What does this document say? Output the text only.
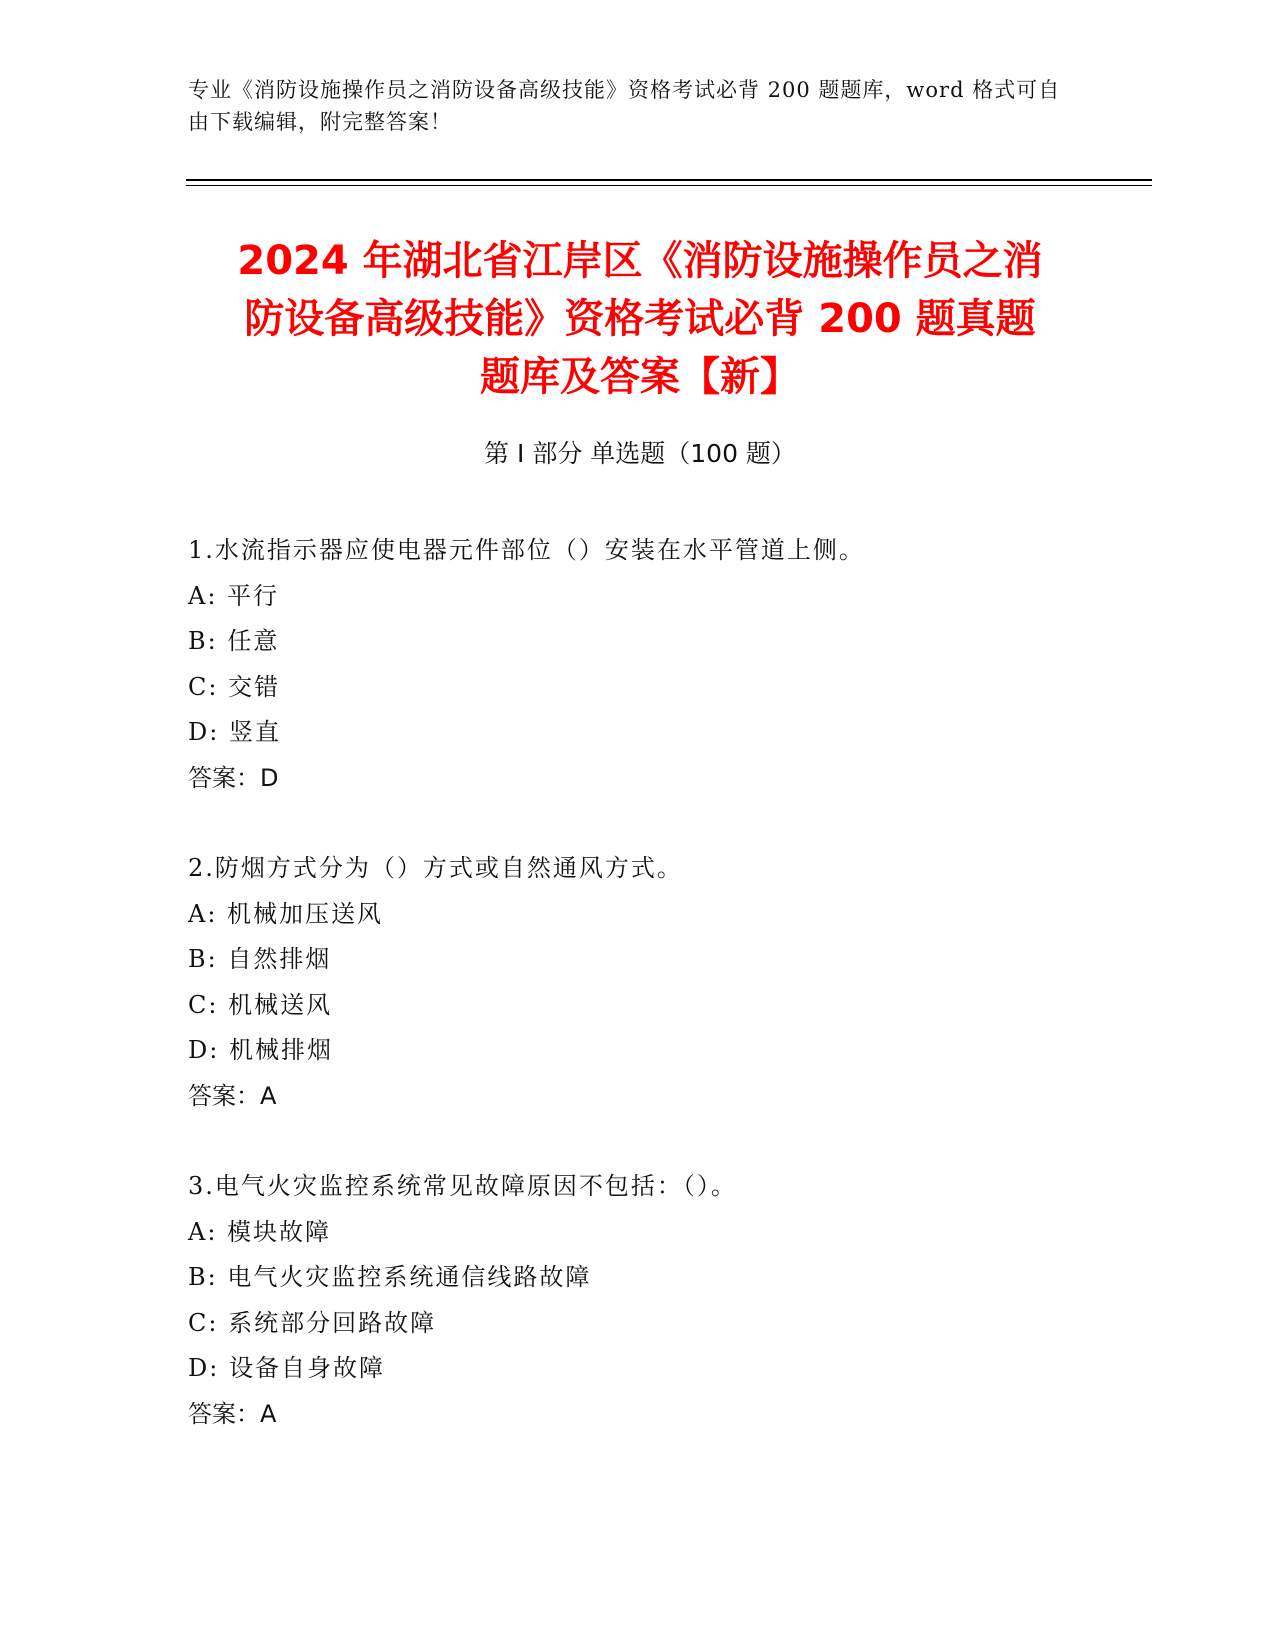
专业《消防设施操作员之消防设备高级技能》资格考试必背 200 题题库，word 格式可自由下载编辑，附完整答案！
2024 年湖北省江岸区《消防设施操作员之消
防设备高级技能》资格考试必背 200 题真题
题库及答案【新】
第 I 部分 单选题（100 题）
1.水流指示器应使电器元件部位（）安装在水平管道上侧。
A: 平行
B: 任意
C: 交错
D: 竖直
答案：D
2.防烟方式分为（）方式或自然通风方式。
A: 机械加压送风
B: 自然排烟
C: 机械送风
D: 机械排烟
答案：A
3.电气火灾监控系统常见故障原因不包括：（）。
A: 模块故障
B: 电气火灾监控系统通信线路故障
C: 系统部分回路故障
D: 设备自身故障
答案：A
